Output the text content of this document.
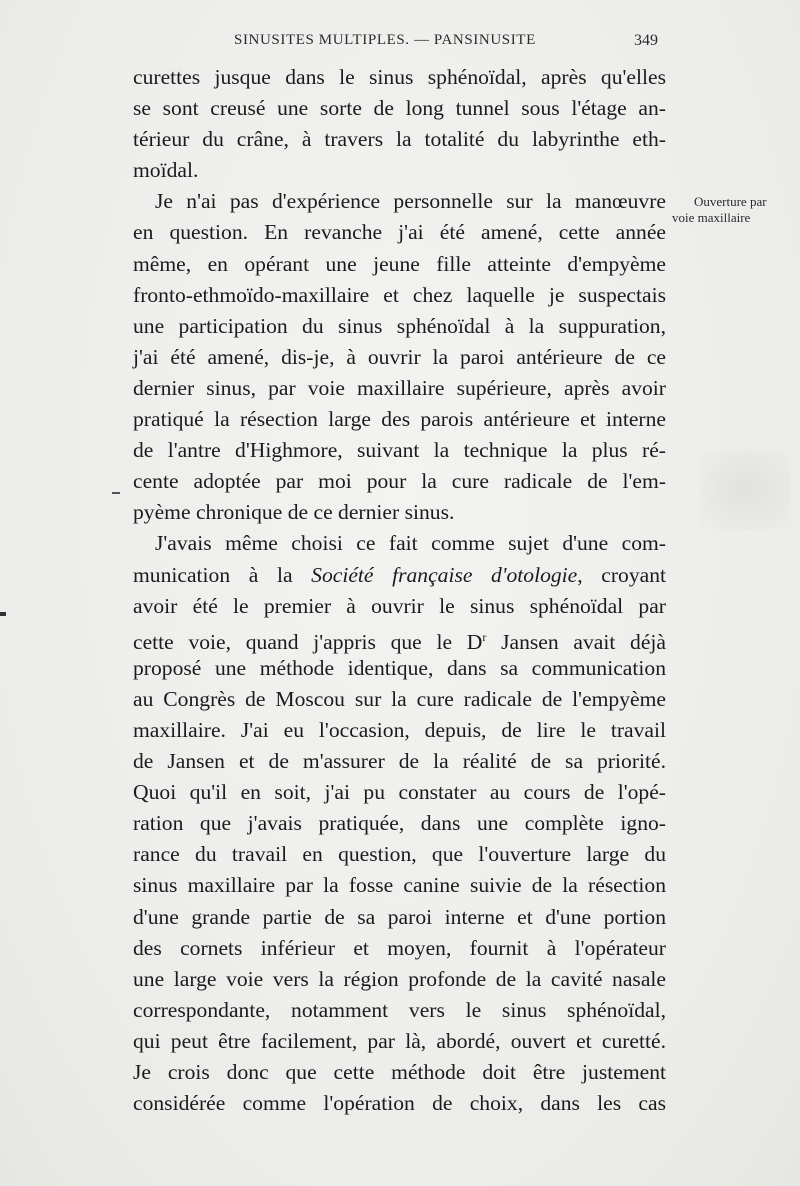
SINUSITES MULTIPLES. — PANSINUSITE	349
Ouverture par
voie maxillaire
curettes jusque dans le sinus sphénoïdal, après qu'elles
se sont creusé une sorte de long tunnel sous l'étage an-
térieur du crâne, à travers la totalité du labyrinthe eth-
moïdal.
Je n'ai pas d'expérience personnelle sur la manœuvre
en question. En revanche j'ai été amené, cette année
même, en opérant une jeune fille atteinte d'empyème
fronto-ethmoïdo-maxillaire et chez laquelle je suspectais
une participation du sinus sphénoïdal à la suppuration,
j'ai été amené, dis-je, à ouvrir la paroi antérieure de ce
dernier sinus, par voie maxillaire supérieure, après avoir
pratiqué la résection large des parois antérieure et interne
de l'antre d'Highmore, suivant la technique la plus ré-
cente adoptée par moi pour la cure radicale de l'em-
pyème chronique de ce dernier sinus.
J'avais même choisi ce fait comme sujet d'une com-
munication à la Société française d'otologie, croyant
avoir été le premier à ouvrir le sinus sphénoïdal par
cette voie, quand j'appris que le $D^r$ Jansen avait déjà
proposé une méthode identique, dans sa communication
au Congrès de Moscou sur la cure radicale de l'empyème
maxillaire. J'ai eu l'occasion, depuis, de lire le travail
de Jansen et de m'assurer de la réalité de sa priorité.
Quoi qu'il en soit, j'ai pu constater au cours de l'opé-
ration que j'avais pratiquée, dans une complète igno-
rance du travail en question, que l'ouverture large du
sinus maxillaire par la fosse canine suivie de la résection
d'une grande partie de sa paroi interne et d'une portion
des cornets inférieur et moyen, fournit à l'opérateur
une large voie vers la région profonde de la cavité nasale
correspondante, notamment vers le sinus sphénoïdal,
qui peut être facilement, par là, abordé, ouvert et curetté.
Je crois donc que cette méthode doit être justement
considérée comme l'opération de choix, dans les cas
